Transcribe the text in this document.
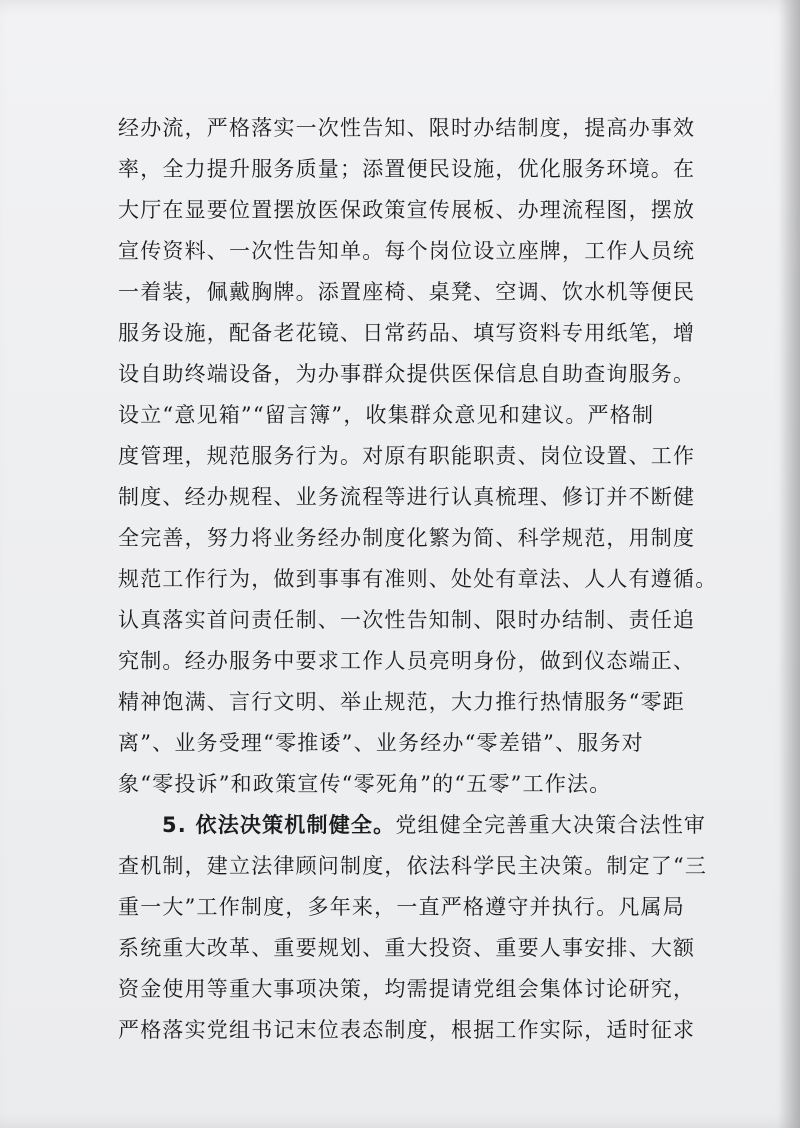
经办流，严格落实一次性告知、限时办结制度，提高办事效
率，全力提升服务质量；添置便民设施，优化服务环境。在
大厅在显要位置摆放医保政策宣传展板、办理流程图，摆放
宣传资料、一次性告知单。每个岗位设立座牌，工作人员统
一着装，佩戴胸牌。添置座椅、桌凳、空调、饮水机等便民
服务设施，配备老花镜、日常药品、填写资料专用纸笔，增
设自助终端设备，为办事群众提供医保信息自助查询服务。
设立“意见箱”“留言簿”，收集群众意见和建议。严格制
度管理，规范服务行为。对原有职能职责、岗位设置、工作
制度、经办规程、业务流程等进行认真梳理、修订并不断健
全完善，努力将业务经办制度化繁为简、科学规范，用制度
规范工作行为，做到事事有准则、处处有章法、人人有遵循。
认真落实首问责任制、一次性告知制、限时办结制、责任追
究制。经办服务中要求工作人员亮明身份，做到仪态端正、
精神饱满、言行文明、举止规范，大力推行热情服务“零距
离”、业务受理“零推诿”、业务经办“零差错”、服务对
象“零投诉”和政策宣传“零死角”的“五零”工作法。
5. 依法决策机制健全。党组健全完善重大决策合法性审
查机制，建立法律顾问制度，依法科学民主决策。制定了“三
重一大”工作制度，多年来，一直严格遵守并执行。凡属局
系统重大改革、重要规划、重大投资、重要人事安排、大额
资金使用等重大事项决策，均需提请党组会集体讨论研究，
严格落实党组书记末位表态制度，根据工作实际，适时征求
